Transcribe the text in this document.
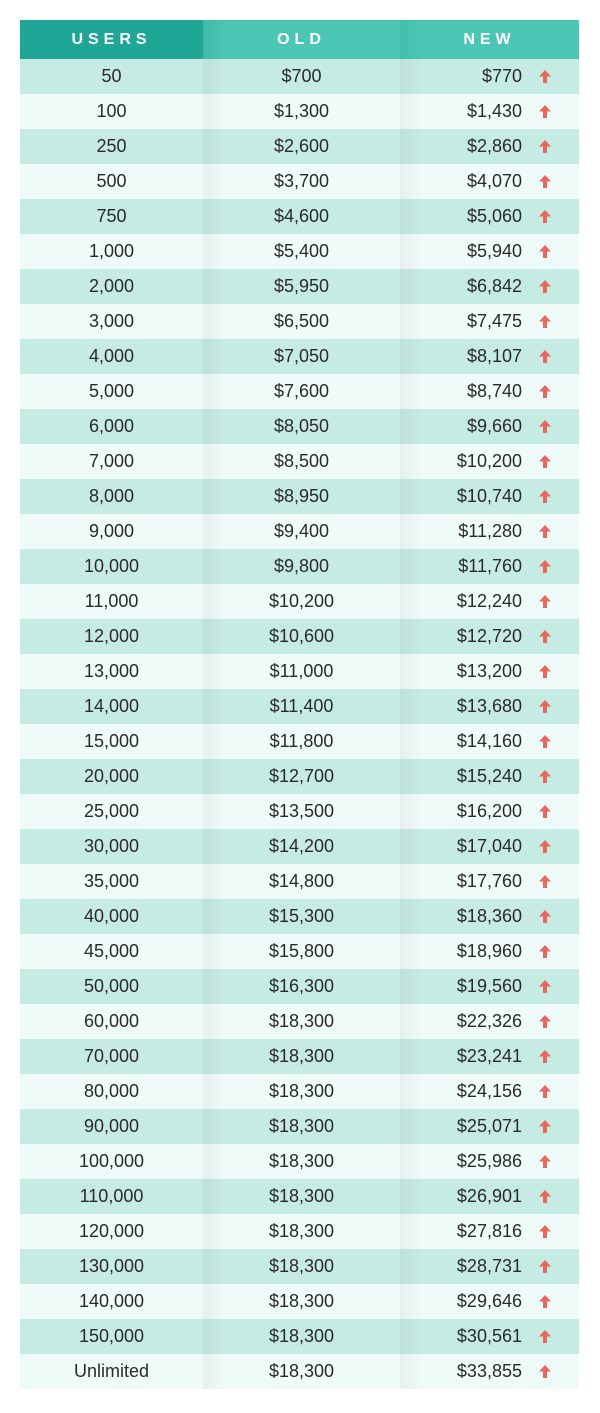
USERS	OLD	NEW
50	$700	$770
100	$1,300	$1,430
250	$2,600	$2,860
500	$3,700	$4,070
750	$4,600	$5,060
1,000	$5,400	$5,940
2,000	$5,950	$6,842
3,000	$6,500	$7,475
4,000	$7,050	$8,107
5,000	$7,600	$8,740
6,000	$8,050	$9,660
7,000	$8,500	$10,200
8,000	$8,950	$10,740
9,000	$9,400	$11,280
10,000	$9,800	$11,760
11,000	$10,200	$12,240
12,000	$10,600	$12,720
13,000	$11,000	$13,200
14,000	$11,400	$13,680
15,000	$11,800	$14,160
20,000	$12,700	$15,240
25,000	$13,500	$16,200
30,000	$14,200	$17,040
35,000	$14,800	$17,760
40,000	$15,300	$18,360
45,000	$15,800	$18,960
50,000	$16,300	$19,560
60,000	$18,300	$22,326
70,000	$18,300	$23,241
80,000	$18,300	$24,156
90,000	$18,300	$25,071
100,000	$18,300	$25,986
110,000	$18,300	$26,901
120,000	$18,300	$27,816
130,000	$18,300	$28,731
140,000	$18,300	$29,646
150,000	$18,300	$30,561
Unlimited	$18,300	$33,855
